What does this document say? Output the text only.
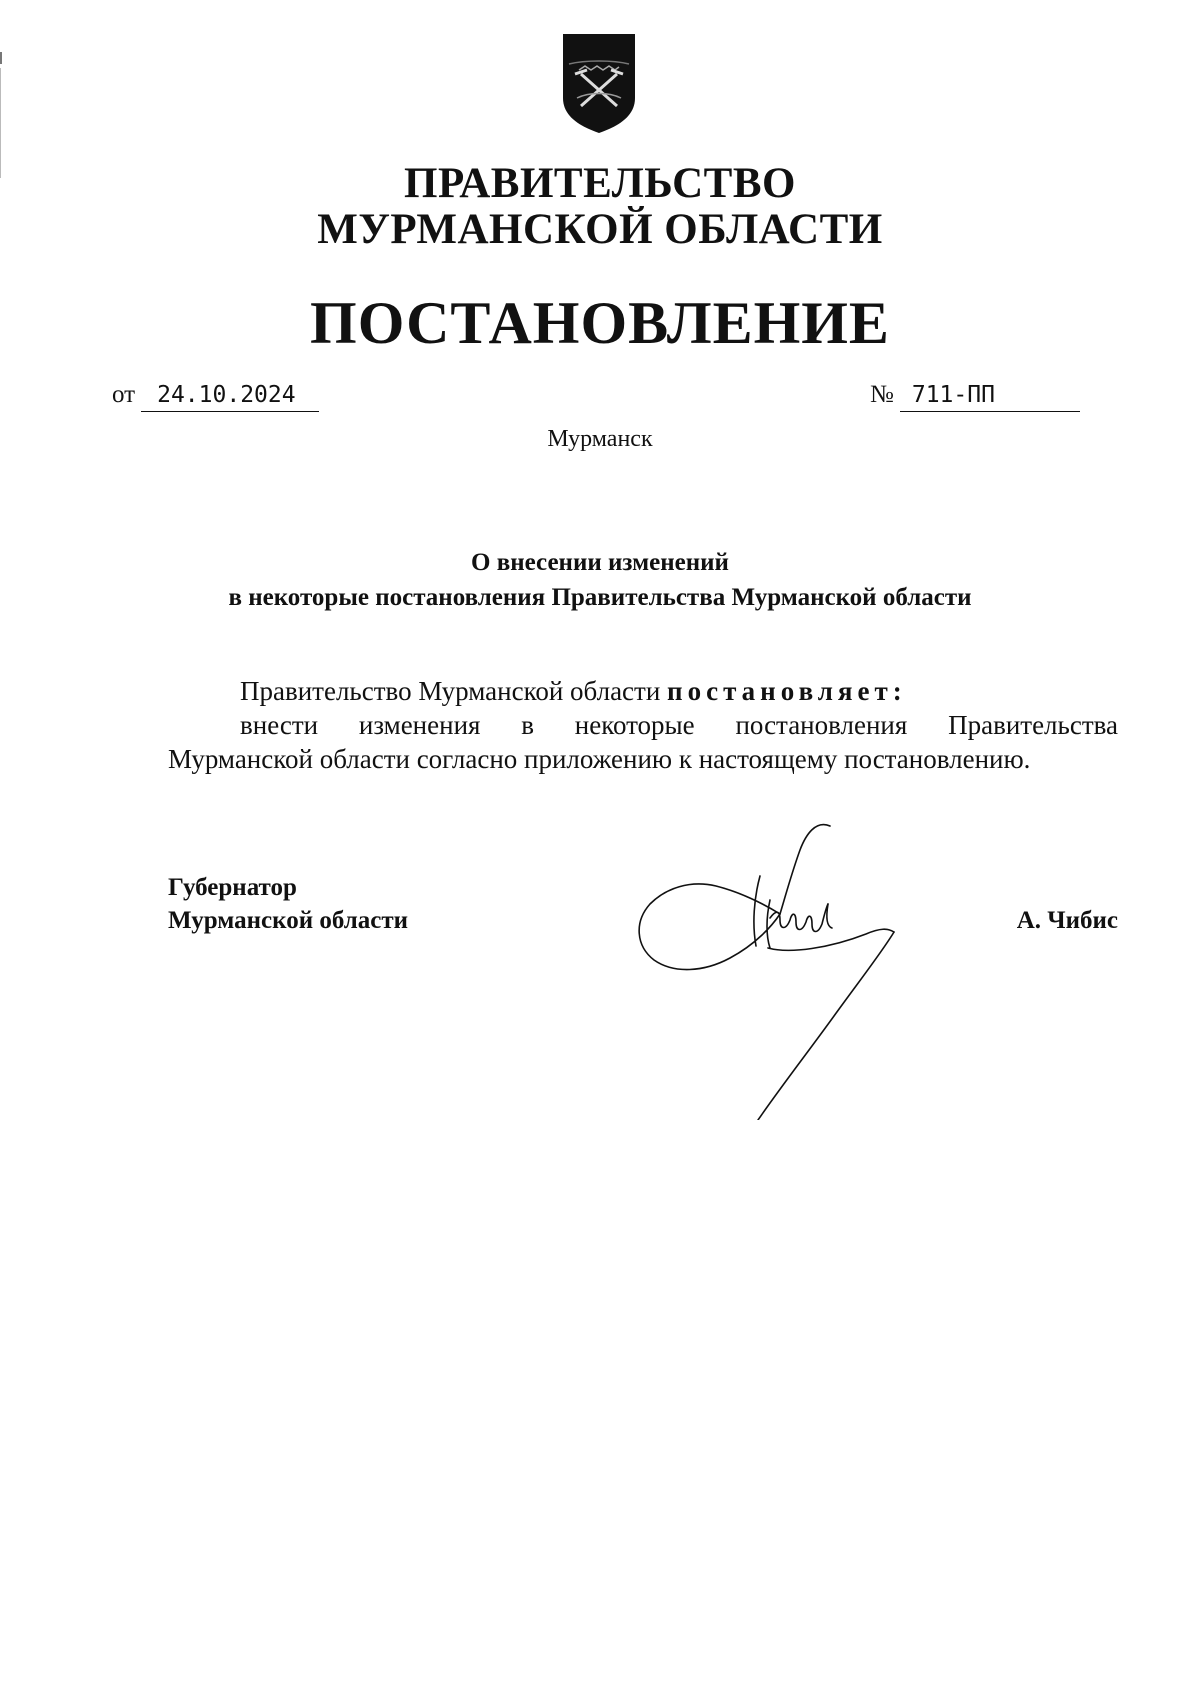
ПРАВИТЕЛЬСТВО
МУРМАНСКОЙ ОБЛАСТИ
ПОСТАНОВЛЕНИЕ
от 24.10.2024	№ 711-ПП
Мурманск
О внесении изменений
в некоторые постановления Правительства Мурманской области
Правительство Мурманской области постановляет:
внести изменения в некоторые постановления Правительства
Мурманской области согласно приложению к настоящему постановлению.
Губернатор
Мурманской области	А. Чибис
